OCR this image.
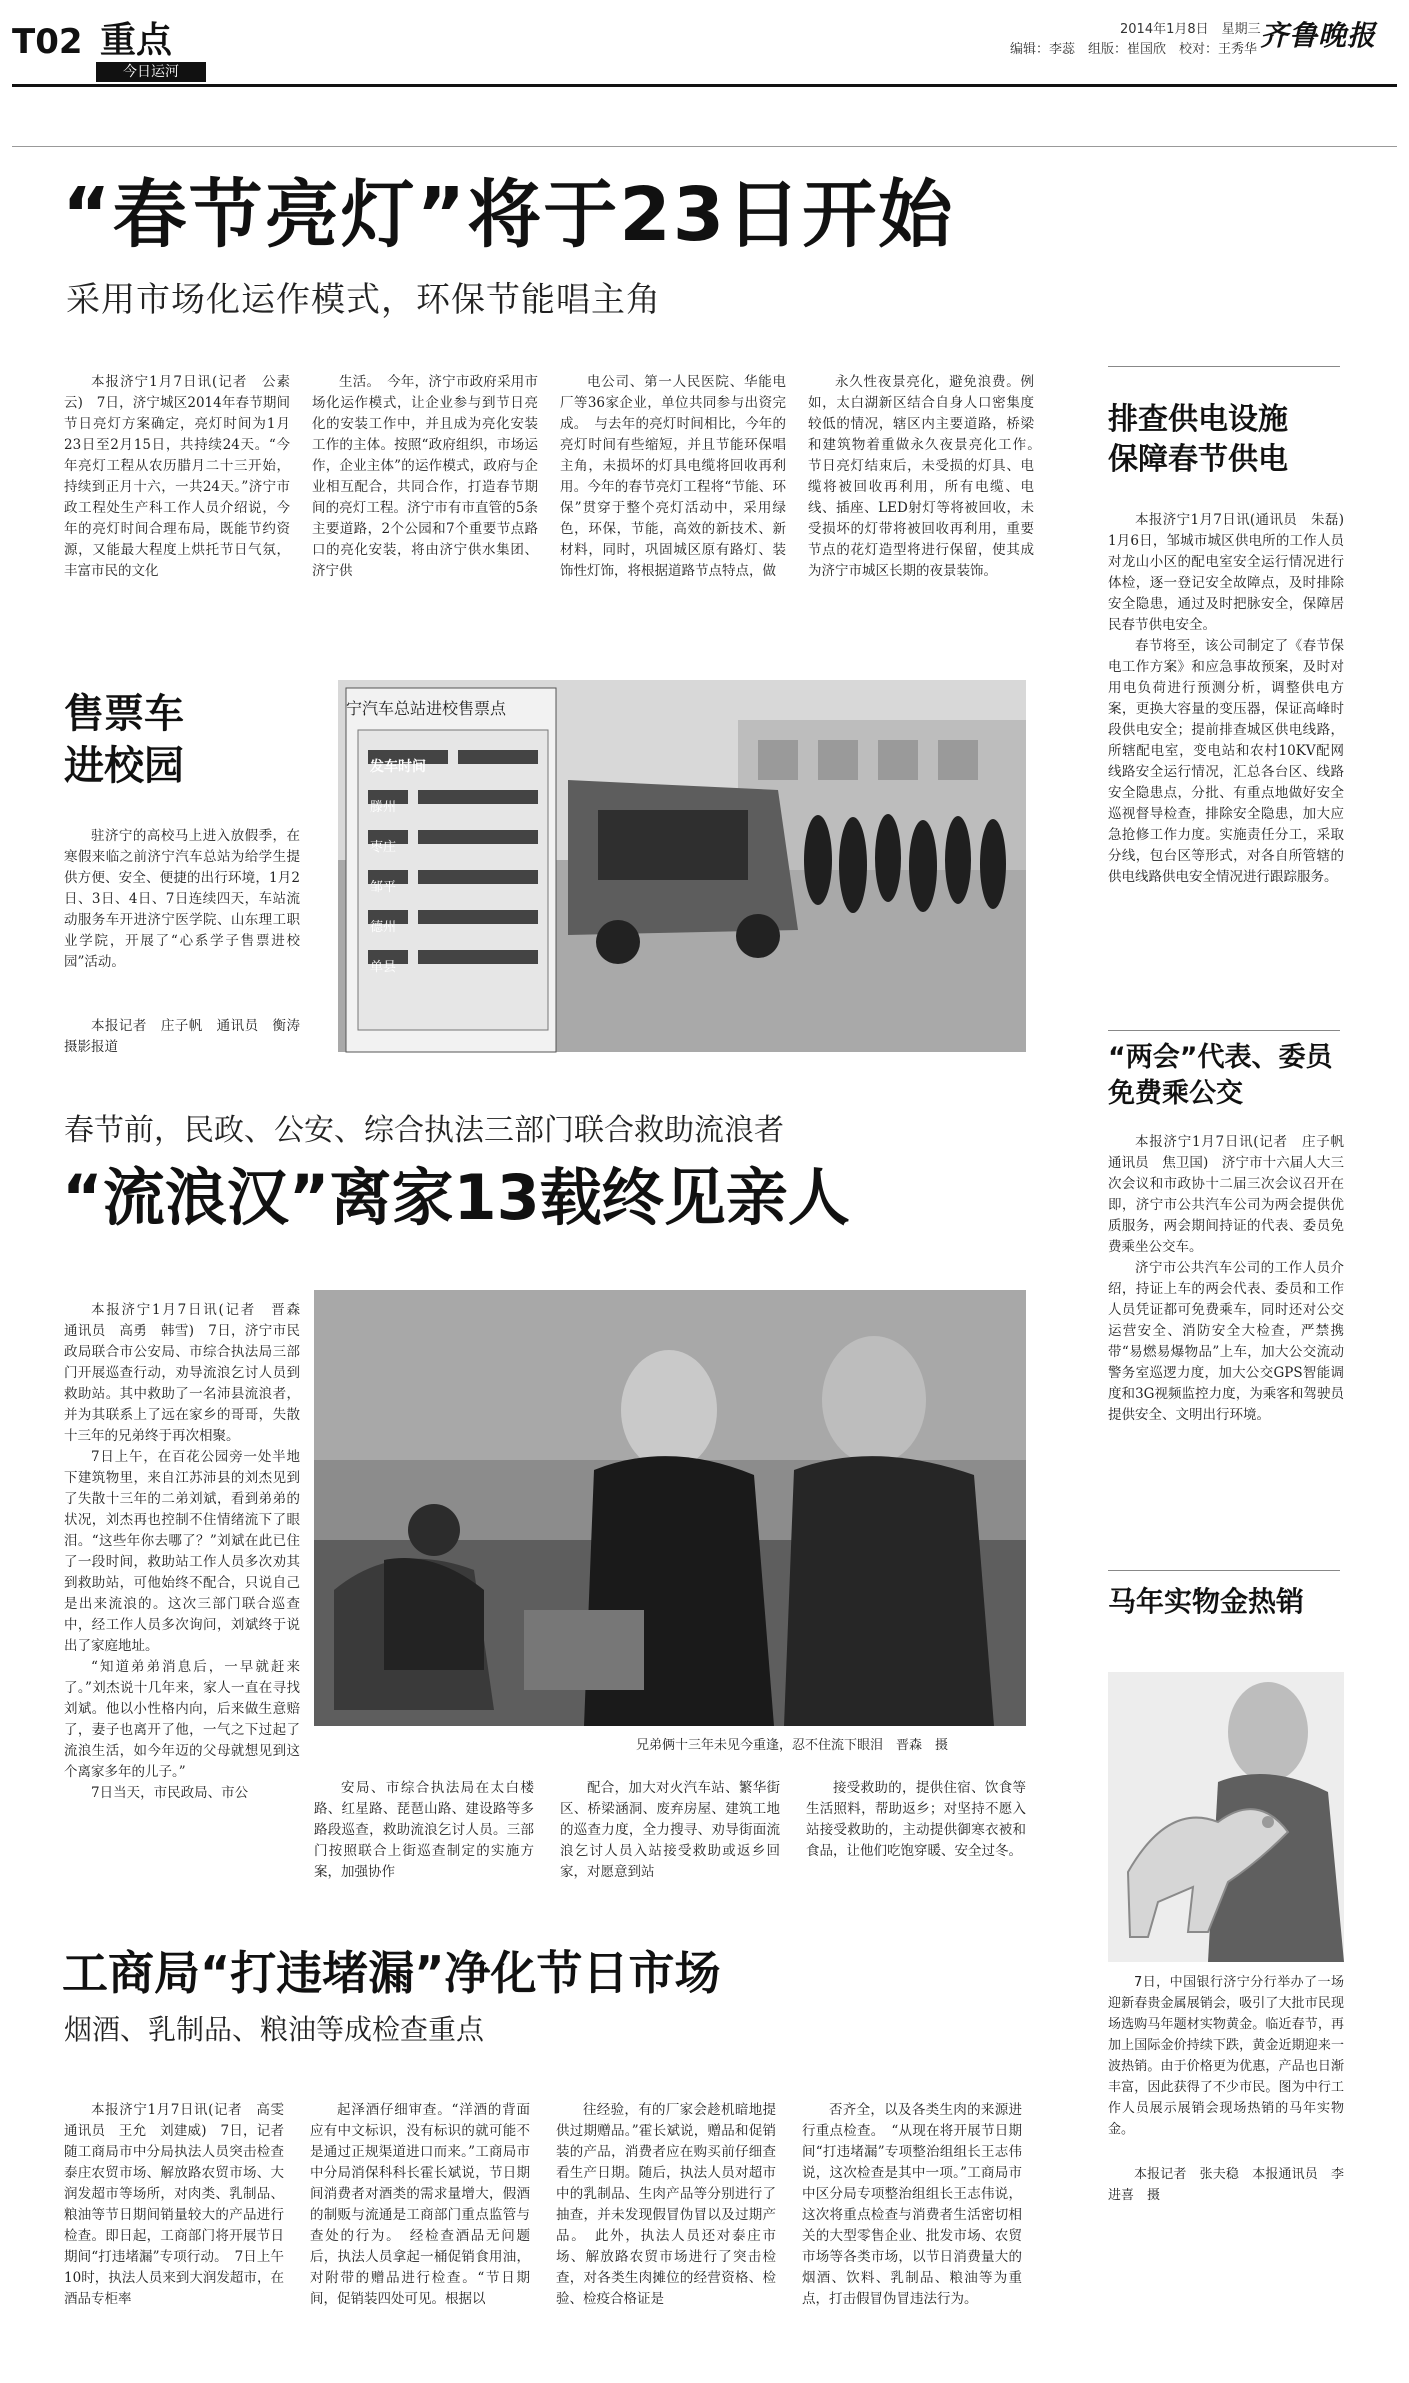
T02 重点
今日运河
2014年1月8日　星期三
编辑：李蕊　组版：崔国欣　校对：王秀华 齐鲁晚报
“春节亮灯”将于23日开始
采用市场化运作模式，环保节能唱主角
本报济宁1月7日讯(记者　公素云)　7日，济宁城区2014年春节期间节日亮灯方案确定，亮灯时间为1月23日至2月15日，共持续24天。“今年亮灯工程从农历腊月二十三开始，持续到正月十六，一共24天。”济宁市政工程处生产科工作人员介绍说，今年的亮灯时间合理布局，既能节约资源，又能最大程度上烘托节日气氛，丰富市民的文化
生活。　今年，济宁市政府采用市场化运作模式，让企业参与到节日亮化的安装工作中，并且成为亮化安装工作的主体。按照“政府组织，市场运作，企业主体”的运作模式，政府与企业相互配合，共同合作，打造春节期间的亮灯工程。济宁市有市直管的5条主要道路，2个公园和7个重要节点路口的亮化安装，将由济宁供水集团、济宁供
电公司、第一人民医院、华能电厂等36家企业，单位共同参与出资完成。　与去年的亮灯时间相比，今年的亮灯时间有些缩短，并且节能环保唱主角，未损坏的灯具电缆将回收再利用。今年的春节亮灯工程将“节能、环保”贯穿于整个亮灯活动中，采用绿色，环保，节能，高效的新技术、新材料，同时，巩固城区原有路灯、装饰性灯饰，将根据道路节点特点，做
永久性夜景亮化，避免浪费。例如，太白湖新区结合自身人口密集度较低的情况，辖区内主要道路，桥梁和建筑物着重做永久夜景亮化工作。　节日亮灯结束后，未受损的灯具、电缆将被回收再利用，所有电缆、电线、插座、LED射灯等将被回收，未受损坏的灯带将被回收再利用，重要节点的花灯造型将进行保留，使其成为济宁市城区长期的夜景装饰。
售票车
进校园
驻济宁的高校马上进入放假季，在寒假来临之前济宁汽车总站为给学生提供方便、安全、便捷的出行环境，1月2日、3日、4日、7日连续四天，车站流动服务车开进济宁医学院、山东理工职业学院，开展了“心系学子售票进校园”活动。
本报记者　庄子帆　通讯员　衡涛　摄影报道
宁汽车总站进校售票点
发车时间
滕州
枣庄
邹平
德州
单县
春节前，民政、公安、综合执法三部门联合救助流浪者
“流浪汉”离家13载终见亲人

本报济宁1月7日讯(记者　晋森　通讯员　高勇　韩雪)　7日，济宁市民政局联合市公安局、市综合执法局三部门开展巡查行动，劝导流浪乞讨人员到救助站。其中救助了一名沛县流浪者，并为其联系上了远在家乡的哥哥，失散十三年的兄弟终于再次相聚。

7日上午，在百花公园旁一处半地下建筑物里，来自江苏沛县的刘杰见到了失散十三年的二弟刘斌，看到弟弟的状况，刘杰再也控制不住情绪流下了眼泪。“这些年你去哪了？”刘斌在此已住了一段时间，救助站工作人员多次劝其到救助站，可他始终不配合，只说自己是出来流浪的。这次三部门联合巡查中，经工作人员多次询问，刘斌终于说出了家庭地址。

“知道弟弟消息后，一早就赶来了。”刘杰说十几年来，家人一直在寻找刘斌。他以小性格内向，后来做生意赔了，妻子也离开了他，一气之下过起了流浪生活，如今年迈的父母就想见到这个离家多年的儿子。”

7日当天，市民政局、市公

兄弟俩十三年未见今重逢，忍不住流下眼泪　晋森　摄
安局、市综合执法局在太白楼路、红星路、琵琶山路、建设路等多路段巡查，救助流浪乞讨人员。三部门按照联合上街巡查制定的实施方案，加强协作
配合，加大对火汽车站、繁华街区、桥梁涵洞、废弃房屋、建筑工地的巡查力度，全力搜寻、劝导街面流浪乞讨人员入站接受救助或返乡回家，对愿意到站
接受救助的，提供住宿、饮食等生活照料，帮助返乡；对坚持不愿入站接受救助的，主动提供御寒衣被和食品，让他们吃饱穿暖、安全过冬。
工商局“打违堵漏”净化节日市场
烟酒、乳制品、粮油等成检查重点
本报济宁1月7日讯(记者　高雯　通讯员　王允　刘建威)　7日，记者随工商局市中分局执法人员突击检查泰庄农贸市场、解放路农贸市场、大润发超市等场所，对肉类、乳制品、粮油等节日期间销量较大的产品进行检查。即日起，工商部门将开展节日期间“打违堵漏”专项行动。　7日上午10时，执法人员来到大润发超市，在酒品专柜率
起泽酒仔细审查。“洋酒的背面应有中文标识，没有标识的就可能不是通过正规渠道进口而来。”工商局市中分局消保科科长霍长斌说，节日期间消费者对酒类的需求量增大，假酒的制贩与流通是工商部门重点监管与查处的行为。　经检查酒品无问题后，执法人员拿起一桶促销食用油，对附带的赠品进行检查。“节日期间，促销装四处可见。根据以
往经验，有的厂家会趁机暗地提供过期赠品。”霍长斌说，赠品和促销装的产品，消费者应在购买前仔细查看生产日期。随后，执法人员对超市中的乳制品、生肉产品等分别进行了抽查，并未发现假冒伪冒以及过期产品。　此外，执法人员还对泰庄市场、解放路农贸市场进行了突击检查，对各类生肉摊位的经营资格、检验、检疫合格证是
否齐全，以及各类生肉的来源进行重点检查。　“从现在将开展节日期间“打违堵漏”专项整治组组长王志伟说，这次检查是其中一项。”工商局市中区分局专项整治组组长王志伟说，这次将重点检查与消费者生活密切相关的大型零售企业、批发市场、农贸市场等各类市场，以节日消费量大的烟酒、饮料、乳制品、粮油等为重点，打击假冒伪冒违法行为。
排查供电设施
保障春节供电

本报济宁1月7日讯(通讯员　朱磊)　1月6日，邹城市城区供电所的工作人员对龙山小区的配电室安全运行情况进行体检，逐一登记安全故障点，及时排除安全隐患，通过及时把脉安全，保障居民春节供电安全。

春节将至，该公司制定了《春节保电工作方案》和应急事故预案，及时对用电负荷进行预测分析，调整供电方案，更换大容量的变压器，保证高峰时段供电安全；提前排查城区供电线路，所辖配电室，变电站和农村10KV配网线路安全运行情况，汇总各台区、线路安全隐患点，分批、有重点地做好安全巡视督导检查，排除安全隐患，加大应急抢修工作力度。实施责任分工，采取分线，包台区等形式，对各自所管辖的供电线路供电安全情况进行跟踪服务。

“两会”代表、委员
免费乘公交

本报济宁1月7日讯(记者　庄子帆　通讯员　焦卫国)　济宁市十六届人大三次会议和市政协十二届三次会议召开在即，济宁市公共汽车公司为两会提供优质服务，两会期间持证的代表、委员免费乘坐公交车。

济宁市公共汽车公司的工作人员介绍，持证上车的两会代表、委员和工作人员凭证都可免费乘车，同时还对公交运营安全、消防安全大检查，严禁携带“易燃易爆物品”上车，加大公交流动警务室巡逻力度，加大公交GPS智能调度和3G视频监控力度，为乘客和驾驶员提供安全、文明出行环境。

马年实物金热销
7日，中国银行济宁分行举办了一场迎新春贵金属展销会，吸引了大批市民现场选购马年题材实物黄金。临近春节，再加上国际金价持续下跌，黄金近期迎来一波热销。由于价格更为优惠，产品也日渐丰富，因此获得了不少市民。图为中行工作人员展示展销会现场热销的马年实物金。
本报记者　张夫稳　本报通讯员　李进喜　摄
